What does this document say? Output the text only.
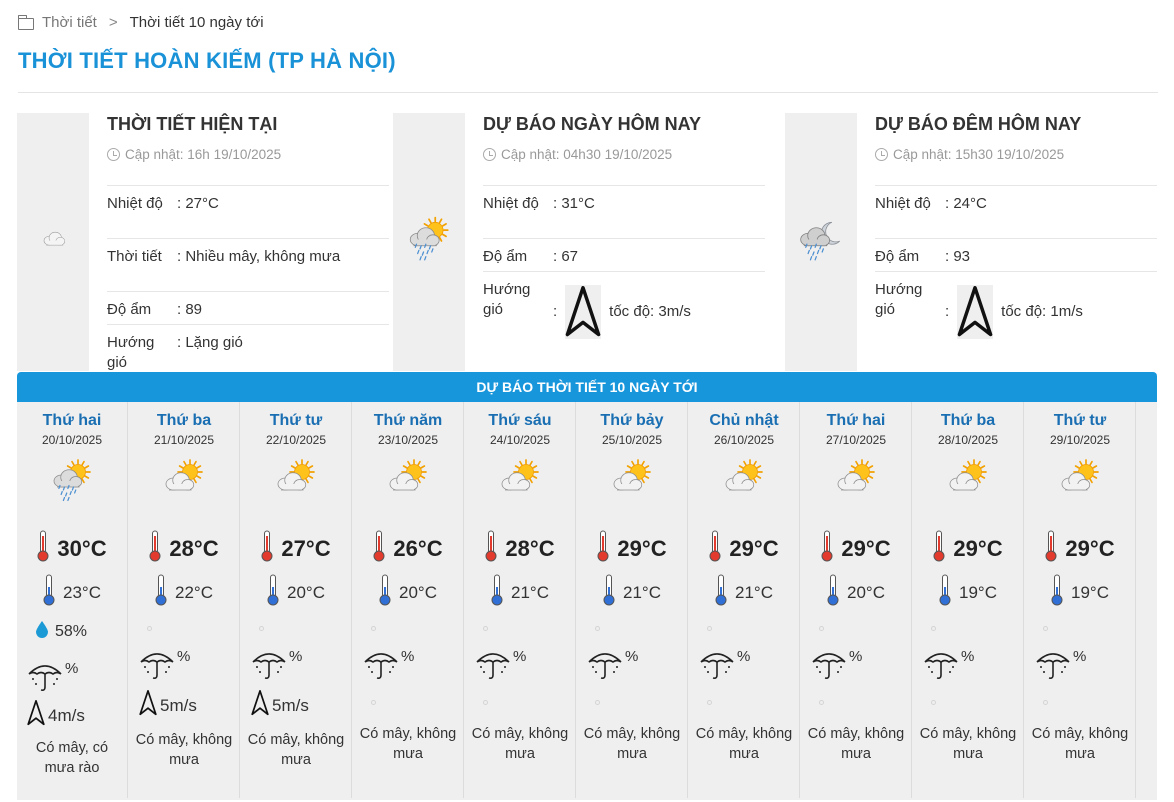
Thời tiết > Thời tiết 10 ngày tới
THỜI TIẾT HOÀN KIẾM (TP HÀ NỘI)
THỜI TIẾT HIỆN TẠI
Cập nhật: 16h 19/10/2025
Nhiệt độ : 27°C
Thời tiết	: Nhiều mây, không mưa
Độ ẩm	: 89
Hướng gió
: Lặng gió
DỰ BÁO NGÀY HÔM NAY
Cập nhật: 04h30 19/10/2025
Nhiệt độ : 31°C
Độ ẩm	: 67
Hướng gió	:	tốc độ: 3m/s
DỰ BÁO ĐÊM HÔM NAY
Cập nhật: 15h30 19/10/2025
Nhiệt độ : 24°C
Độ ẩm	: 93
Hướng gió	:	tốc độ: 1m/s
DỰ BÁO THỜI TIẾT 10 NGÀY TỚI
Thứ hai
20/10/2025
30°C
23°C
58%
%
4m/s
Có mây, có mưa rào
Thứ ba
21/10/2025
28°C
22°C
%
5m/s
Có mây, không mưa
Thứ tư
22/10/2025
27°C
20°C
%
5m/s
Có mây, không mưa
Thứ năm
23/10/2025
26°C
20°C
%
Có mây, không mưa
Thứ sáu
24/10/2025
28°C
21°C
%
Có mây, không mưa
Thứ bảy
25/10/2025
29°C
21°C
%
Có mây, không mưa
Chủ nhật
26/10/2025
29°C
21°C
%
Có mây, không mưa
Thứ hai
27/10/2025
29°C
20°C
%
Có mây, không mưa
Thứ ba
28/10/2025
29°C
19°C
%
Có mây, không mưa
Thứ tư
29/10/2025
29°C
19°C
%
Có mây, không mưa
